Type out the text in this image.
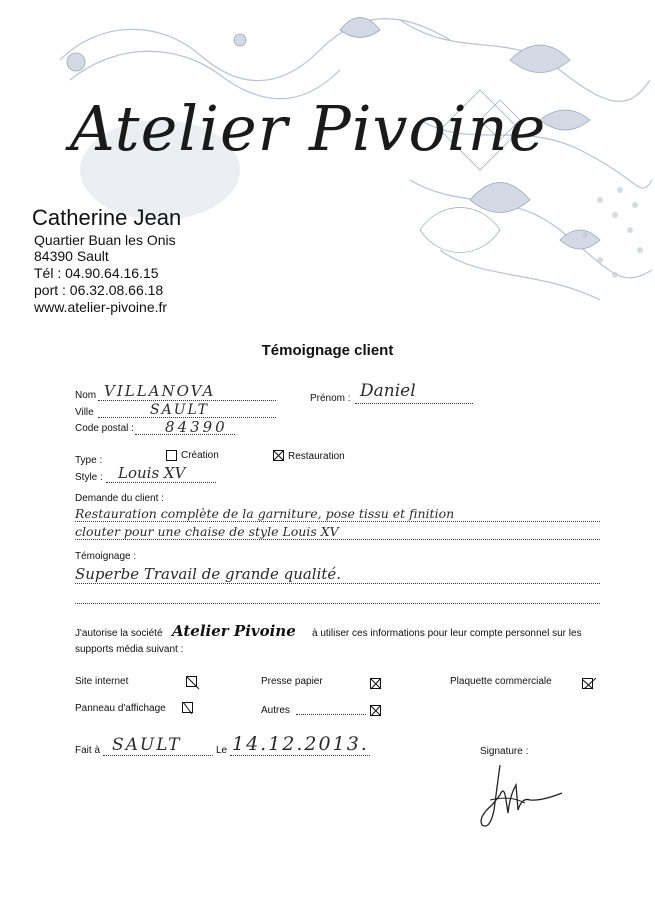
Atelier Pivoine
Catherine Jean
Quartier Buan les Onis
84390 Sault
Tél : 04.90.64.16.15
port : 06.32.08.66.18
www.atelier-pivoine.fr
Témoignage client
Nom VILLANOVA	Prénom : Daniel
Ville	SAULT
Code postal : 84390
Type :	Création	Restauration
Style : Louis XV
Demande du client :
Restauration complète de la garniture, pose tissu et finition
clouter pour une chaise de style Louis XV
Témoignage :
Superbe Travail de grande qualité.
J'autorise la société Atelier Pivoine à utiliser ces informations pour leur compte personnel sur les
supports média suivant :
Site internet	Presse papier	Plaquette commerciale
Panneau d'affichage	Autres
Fait à SAULT	Le 14.12.2013.	Signature :
